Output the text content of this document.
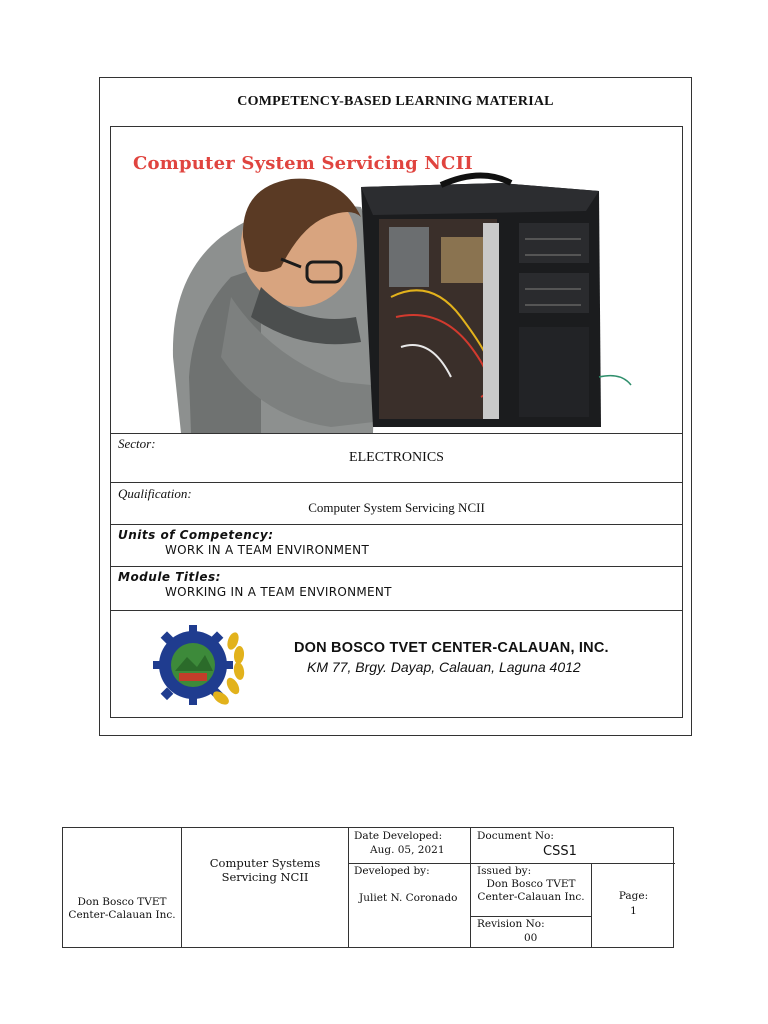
COMPETENCY-BASED LEARNING MATERIAL
Computer System Servicing NCII
Sector:
ELECTRONICS
Qualification:
Computer System Servicing NCII
Units of Competency:
WORK IN A TEAM ENVIRONMENT
Module Titles:
WORKING IN A TEAM ENVIRONMENT
DON BOSCO TVET CENTER-CALAUAN, INC.
KM 77, Brgy. Dayap, Calauan, Laguna 4012
Don Bosco TVET Center-Calauan Inc.
Computer Systems Servicing NCII
Date Developed:
Aug. 05, 2021
Developed by:
Juliet N. Coronado
Document No:
CSS1
Issued by:
Don Bosco TVET Center-Calauan Inc.
Revision No:
00
Page:
1
